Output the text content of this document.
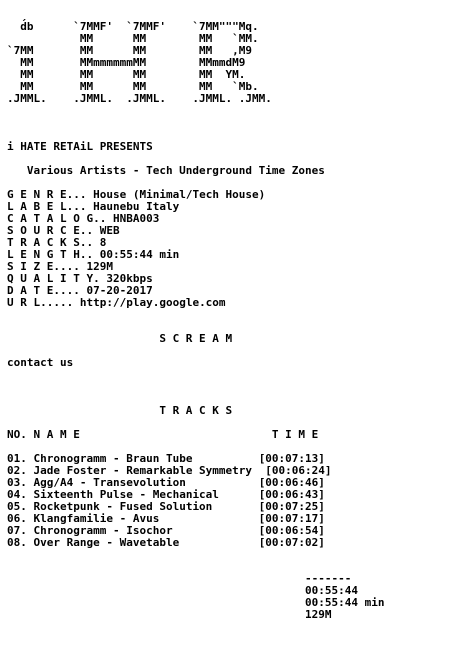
d́b      `7MMF'  `7MMF'    `7MM"""Mq.
MM      MM        MM   `MM.
`7MM       MM      MM        MM   ,M9
MM       MMmmmmmmMM        MMmmdM9
MM       MM      MM        MM  YM.
MM       MM      MM        MM   `Mb.
.JMML.    .JMML.  .JMML.    .JMML. .JMM.
i HATE RETAiL PRESENTS
Various Artists - Tech Underground Time Zones
G E N R E... House (Minimal/Tech House)
L A B E L... Haunebu Italy
C A T A L O G.. HNBA003
S O U R C E.. WEB
T R A C K S.. 8
L E N G T H.. 00:55:44 min
S I Z E.... 129M
Q U A L I T Y. 320kbps
D A T E.... 07-20-2017
U R L..... http://play.google.com
S C R E A M
contact us
T R A C K S
NO. N A M E	T I M E
01. Chronogramm - Braun Tube	[00:07:13]
02. Jade Foster - Remarkable Symmetry [00:06:24]
03. Agg/A4 - Transevolution	[00:06:46]
04. Sixteenth Pulse - Mechanical	[00:06:43]
05. Rocketpunk - Fused Solution	[00:07:25]
06. Klangfamilie - Avus	[00:07:17]
07. Chronogramm - Isochor	[00:06:54]
08. Over Range - Wavetable	[00:07:02]
-------
00:55:44
00:55:44 min
129M
